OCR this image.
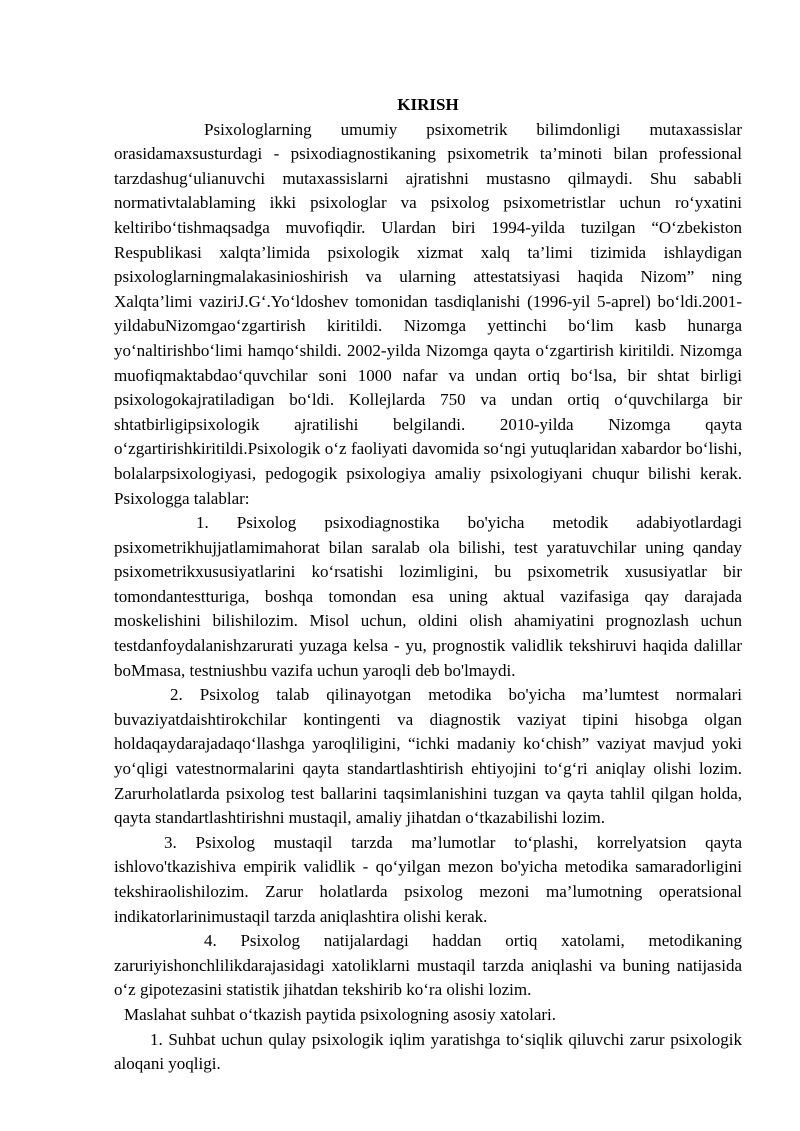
KIRISH

Psixologlarning umumiy psixometrik bilimdonligi mutaxassislar orasidamaxsusturdagi - psixodiagnostikaning psixometrik ta’minoti bilan professional tarzdashug‘ulianuvchi mutaxassislarni ajratishni mustasno qilmaydi. Shu sababli normativtalablaming ikki psixologlar va psixolog psixometristlar uchun ro‘yxatini keltiribo‘tishmaqsadga muvofiqdir. Ulardan biri 1994-yilda tuzilgan “O‘zbekiston Respublikasi xalqta’limida psixologik xizmat xalq ta’limi tizimida ishlaydigan psixologlarningmalakasinioshirish va ularning attestatsiyasi haqida Nizom” ning Xalqta’limi vaziriJ.G‘.Yo‘ldoshev tomonidan tasdiqlanishi (1996-yil 5-aprel) bo‘ldi.2001-yildabuNizomgao‘zgartirish kiritildi. Nizomga yettinchi bo‘lim kasb hunarga yo‘naltirishbo‘limi hamqo‘shildi. 2002-yilda Nizomga qayta o‘zgartirish kiritildi. Nizomga muofiqmaktabdao‘quvchilar soni 1000 nafar va undan ortiq bo‘lsa, bir shtat birligi psixologokajratiladigan bo‘ldi. Kollejlarda 750 va undan ortiq o‘quvchilarga bir shtatbirligipsixologik ajratilishi belgilandi. 2010-yilda Nizomga qayta o‘zgartirishkiritildi.Psixologik o‘z faoliyati davomida so‘ngi yutuqlaridan xabardor bo‘lishi, bolalarpsixologiyasi, pedogogik psixologiya amaliy psixologiyani chuqur bilishi kerak. Psixologga talablar:

1. Psixolog psixodiagnostika bo'yicha metodik adabiyotlardagi psixometrikhujjatlamimahorat bilan saralab ola bilishi, test yaratuvchilar uning qanday psixometrikxususiyatlarini ko‘rsatishi lozimligini, bu psixometrik xususiyatlar bir tomondantestturiga, boshqa tomondan esa uning aktual vazifasiga qay darajada moskelishini bilishilozim. Misol uchun, oldini olish ahamiyatini prognozlash uchun testdanfoydalanishzarurati yuzaga kelsa - yu, prognostik validlik tekshiruvi haqida dalillar boMmasa, testniushbu vazifa uchun yaroqli deb bo'lmaydi.

2. Psixolog talab qilinayotgan metodika bo'yicha ma’lumtest normalari buvaziyatdaishtirokchilar kontingenti va diagnostik vaziyat tipini hisobga olgan holdaqaydarajadaqo‘llashga yaroqliligini, “ichki madaniy ko‘chish” vaziyat mavjud yoki yo‘qligi vatestnormalarini qayta standartlashtirish ehtiyojini to‘g‘ri aniqlay olishi lozim. Zarurholatlarda psixolog test ballarini taqsimlanishini tuzgan va qayta tahlil qilgan holda, qayta standartlashtirishni mustaqil, amaliy jihatdan o‘tkazabilishi lozim.

3. Psixolog mustaqil tarzda ma’lumotlar to‘plashi, korrelyatsion qayta ishlovo'tkazishiva empirik validlik - qo‘yilgan mezon bo'yicha metodika samaradorligini tekshiraolishilozim. Zarur holatlarda psixolog mezoni ma’lumotning operatsional indikatorlarinimustaqil tarzda aniqlashtira olishi kerak.

4. Psixolog natijalardagi haddan ortiq xatolami, metodikaning zaruriyishonchlilikdarajasidagi xatoliklarni mustaqil tarzda aniqlashi va buning natijasida o‘z gipotezasini statistik jihatdan tekshirib ko‘ra olishi lozim.

Maslahat suhbat o‘tkazish paytida psixologning asosiy xatolari.

1. Suhbat uchun qulay psixologik iqlim yaratishga to‘siqlik qiluvchi zarur psixologik aloqani yoqligi.
